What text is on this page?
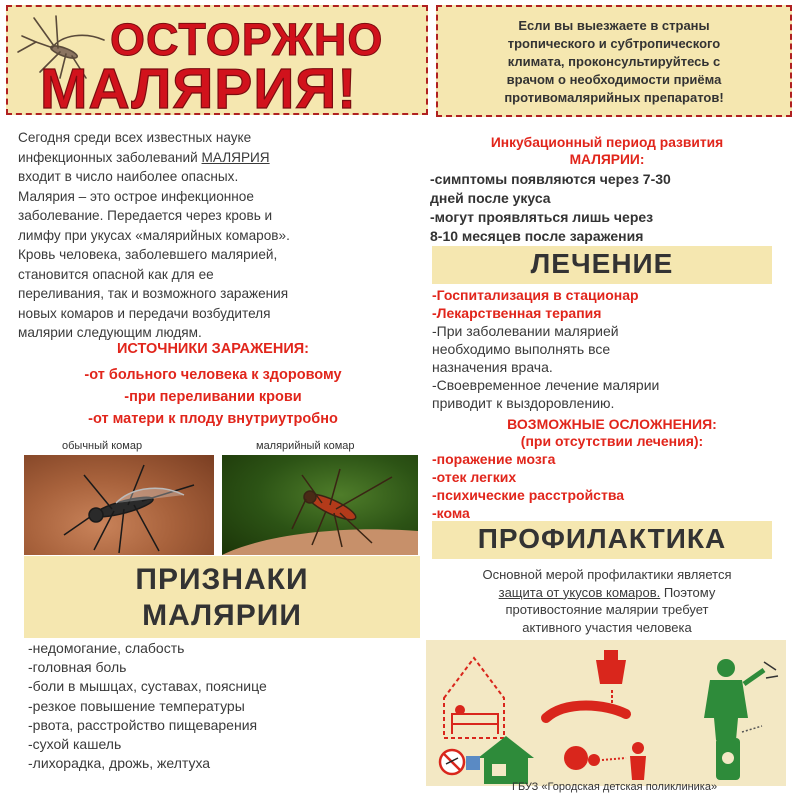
ОСТОРЖНО
МАЛЯРИЯ!
Если вы выезжаете в страны
тропического и субтропического
климата, проконсультируйтесь с
врачом о необходимости приёма
противомалярийных препаратов!
Сегодня среди всех известных науке
инфекционных заболеваний МАЛЯРИЯ
входит в число наиболее опасных.
Малярия – это острое инфекционное
заболевание. Передается через кровь и
лимфу при укусах «малярийных комаров».
Кровь человека, заболевшего малярией,
становится опасной как для ее
переливания, так и возможного заражения
новых комаров и передачи возбудителя
малярии следующим людям.
ИСТОЧНИКИ ЗАРАЖЕНИЯ:
-от больного человека к здоровому
-при переливании крови
-от матери к плоду внутриутробно
обычный комар	малярийный комар
ПРИЗНАКИ
МАЛЯРИИ
-недомогание, слабость
-головная боль
-боли в мышцах, суставах, пояснице
-резкое повышение температуры
-рвота, расстройство пищеварения
-сухой кашель
-лихорадка, дрожь, желтуха
Инкубационный период развития
МАЛЯРИИ:
-симптомы появляются через 7-30
дней после укуса
-могут проявляться лишь через
8-10 месяцев после заражения
ЛЕЧЕНИЕ
-Госпитализация в стационар
-Лекарственная терапия
-При заболевании малярией
необходимо выполнять все
назначения врача.
-Своевременное лечение малярии
приводит к выздоровлению.
ВОЗМОЖНЫЕ ОСЛОЖНЕНИЯ:
(при отсутствии лечения):
-поражение мозга
-отек легких
-психические расстройства
-кома
ПРОФИЛАКТИКА
Основной мерой профилактики является
защита от укусов комаров. Поэтому
противостояние малярии требует
активного участия человека
ГБУЗ «Городская детская поликлиника»
